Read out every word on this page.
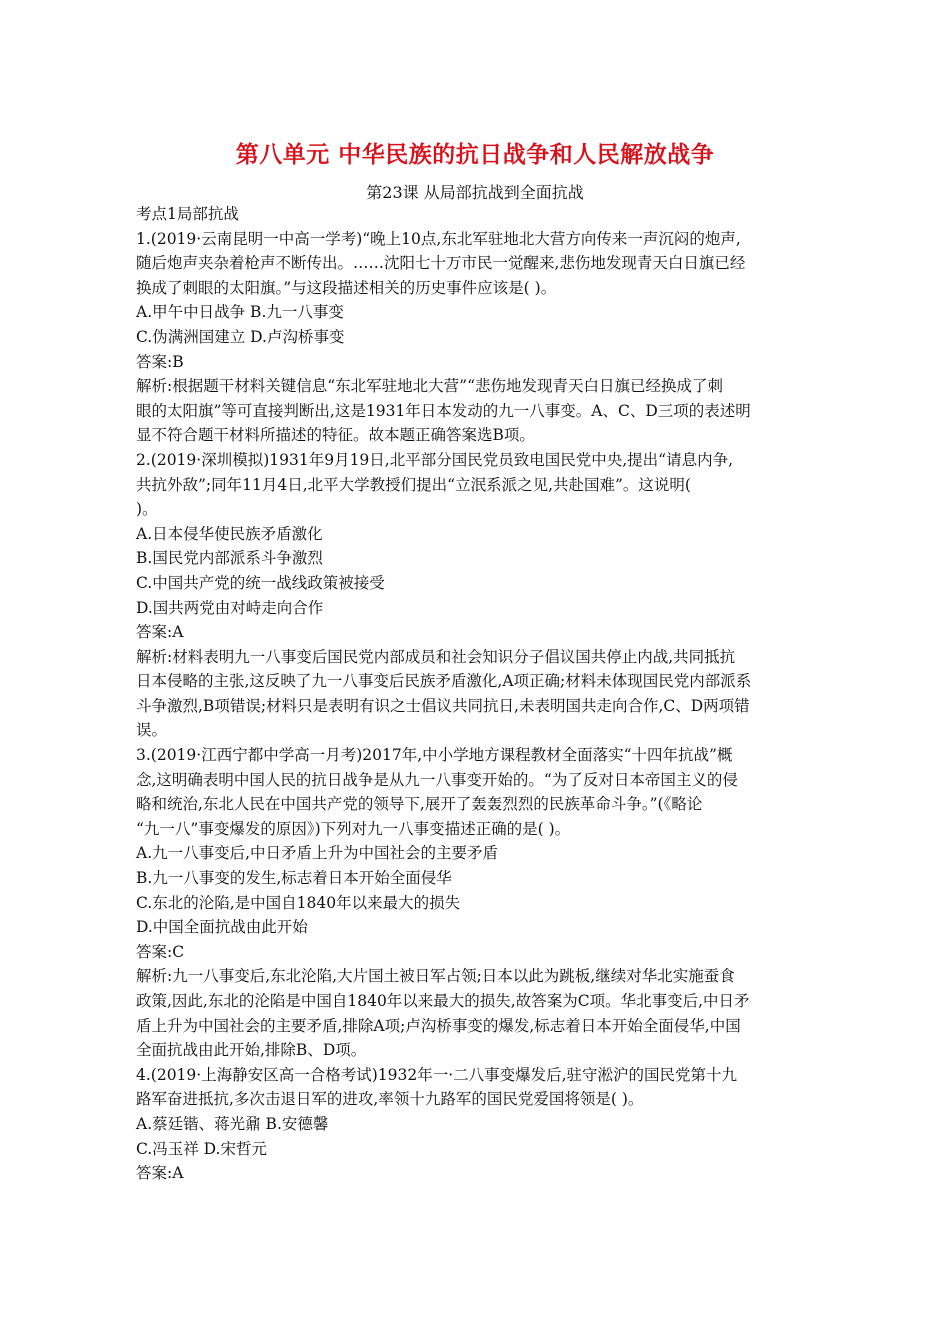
第八单元 中华民族的抗日战争和人民解放战争
第23课 从局部抗战到全面抗战
考点1局部抗战
1.(2019·云南昆明一中高一学考)“晚上10点,东北军驻地北大营方向传来一声沉闷的炮声,
随后炮声夹杂着枪声不断传出。……沈阳七十万市民一觉醒来,悲伤地发现青天白日旗已经
换成了刺眼的太阳旗。”与这段描述相关的历史事件应该是( )。
A.甲午中日战争 B.九一八事变
C.伪满洲国建立 D.卢沟桥事变
答案:B
解析:根据题干材料关键信息“东北军驻地北大营”“悲伤地发现青天白日旗已经换成了刺
眼的太阳旗”等可直接判断出,这是1931年日本发动的九一八事变。A、C、D三项的表述明
显不符合题干材料所描述的特征。故本题正确答案选B项。
2.(2019·深圳模拟)1931年9月19日,北平部分国民党员致电国民党中央,提出“请息内争,
共抗外敌”;同年11月4日,北平大学教授们提出“立泯系派之见,共赴国难”。这说明(
)。
A.日本侵华使民族矛盾激化
B.国民党内部派系斗争激烈
C.中国共产党的统一战线政策被接受
D.国共两党由对峙走向合作
答案:A
解析:材料表明九一八事变后国民党内部成员和社会知识分子倡议国共停止内战,共同抵抗
日本侵略的主张,这反映了九一八事变后民族矛盾激化,A项正确;材料未体现国民党内部派系
斗争激烈,B项错误;材料只是表明有识之士倡议共同抗日,未表明国共走向合作,C、D两项错
误。
3.(2019·江西宁都中学高一月考)2017年,中小学地方课程教材全面落实“十四年抗战”概
念,这明确表明中国人民的抗日战争是从九一八事变开始的。“为了反对日本帝国主义的侵
略和统治,东北人民在中国共产党的领导下,展开了轰轰烈烈的民族革命斗争。”(《略论
“九一八”事变爆发的原因》)下列对九一八事变描述正确的是( )。
A.九一八事变后,中日矛盾上升为中国社会的主要矛盾
B.九一八事变的发生,标志着日本开始全面侵华
C.东北的沦陷,是中国自1840年以来最大的损失
D.中国全面抗战由此开始
答案:C
解析:九一八事变后,东北沦陷,大片国土被日军占领;日本以此为跳板,继续对华北实施蚕食
政策,因此,东北的沦陷是中国自1840年以来最大的损失,故答案为C项。华北事变后,中日矛
盾上升为中国社会的主要矛盾,排除A项;卢沟桥事变的爆发,标志着日本开始全面侵华,中国
全面抗战由此开始,排除B、D项。
4.(2019·上海静安区高一合格考试)1932年一·二八事变爆发后,驻守淞沪的国民党第十九
路军奋进抵抗,多次击退日军的进攻,率领十九路军的国民党爱国将领是( )。
A.蔡廷锴、蒋光鼐 B.安德馨
C.冯玉祥 D.宋哲元
答案:A
